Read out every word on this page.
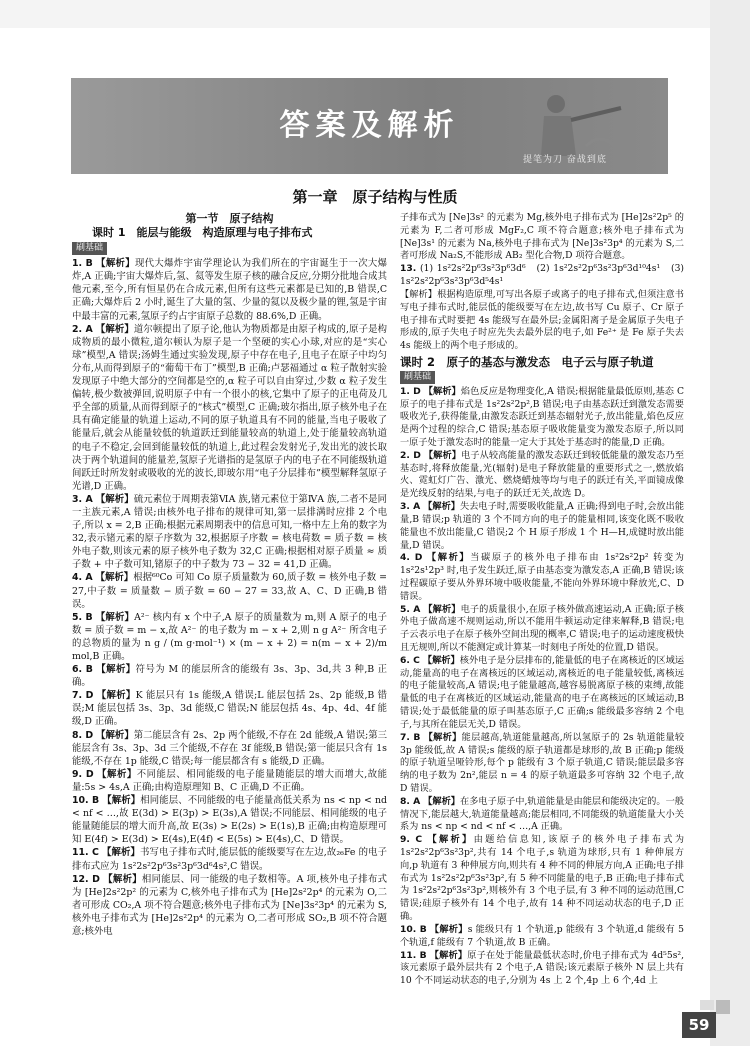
答案及解析
提笔为刀 奋战到底
第一章　原子结构与性质
第一节　原子结构
课时 1　能层与能级　构造原理与电子排布式
刷基础
1. B 【解析】现代大爆炸宇宙学理论认为我们所在的宇宙诞生于一次大爆炸,A 正确;宇宙大爆炸后,氢、氦等发生原子核的融合反应,分期分批地合成其他元素,至今,所有恒星仍在合成元素,但所有这些元素都是已知的,B 错误,C 正确;大爆炸后 2 小时,诞生了大量的氢、少量的氦以及极少量的锂,氢是宇宙中最丰富的元素,氢原子约占宇宙原子总数的 88.6%,D 正确。
2. A 【解析】道尔顿提出了原子论,他认为物质都是由原子构成的,原子是构成物质的最小微粒,道尔顿认为原子是一个坚硬的实心小球,对应的是“实心球”模型,A 错误;汤姆生通过实验发现,原子中存在电子,且电子在原子中均匀分布,从而得到原子的“葡萄干布丁”模型,B 正确;卢瑟福通过 α 粒子散射实验发现原子中绝大部分的空间都是空的,α 粒子可以自由穿过,少数 α 粒子发生偏转,极少数被弹回,说明原子中有一个很小的核,它集中了原子的正电荷及几乎全部的质量,从而得到原子的“核式”模型,C 正确;玻尔指出,原子核外电子在具有确定能量的轨道上运动,不同的原子轨道具有不同的能量,当电子吸收了能量后,就会从能量较低的轨道跃迁到能量较高的轨道上,处于能量较高轨道的电子不稳定,会回到能量较低的轨道上,此过程会发射光子,发出光的波长取决于两个轨道间的能量差,氢原子光谱指的是氢原子内的电子在不同能级轨道间跃迁时所发射或吸收的光的波长,即玻尔用“电子分层排布”模型解释氢原子光谱,D 正确。
3. A 【解析】硫元素位于周期表第ⅥA 族,锗元素位于第ⅣA 族,二者不是同一主族元素,A 错误;由核外电子排布的规律可知,第一层排满时应排 2 个电子,所以 x = 2,B 正确;根据元素周期表中的信息可知,一格中左上角的数字为 32,表示锗元素的原子序数为 32,根据原子序数 = 核电荷数 = 质子数 = 核外电子数,则该元素的原子核外电子数为 32,C 正确;根据相对原子质量 ≈ 质子数 + 中子数可知,锗原子的中子数为 73 − 32 = 41,D 正确。
4. A 【解析】根据⁶⁰Co 可知 Co 原子质量数为 60,质子数 = 核外电子数 = 27,中子数 = 质量数 − 质子数 = 60 − 27 = 33,故 A、C、D 正确,B 错误。
5. B 【解析】A²⁻ 核内有 x 个中子,A 原子的质量数为 m,则 A 原子的电子数 = 质子数 = m − x,故 A²⁻ 的电子数为 m − x + 2,则 n g A²⁻ 所含电子的总物质的量为 n g / (m g·mol⁻¹) × (m − x + 2) = n(m − x + 2)/m mol,B 正确。
6. B 【解析】符号为 M 的能层所含的能级有 3s、3p、3d,共 3 种,B 正确。
7. D 【解析】K 能层只有 1s 能级,A 错误;L 能层包括 2s、2p 能级,B 错误;M 能层包括 3s、3p、3d 能级,C 错误;N 能层包括 4s、4p、4d、4f 能级,D 正确。
8. D 【解析】第二能层含有 2s、2p 两个能级,不存在 2d 能级,A 错误;第三能层含有 3s、3p、3d 三个能级,不存在 3f 能级,B 错误;第一能层只含有 1s 能级,不存在 1p 能级,C 错误;每一能层都含有 s 能级,D 正确。
9. D 【解析】不同能层、相同能级的电子能量随能层的增大而增大,故能量:5s > 4s,A 正确;由构造原理知 B、C 正确,D 不正确。
10. B 【解析】相同能层、不同能级的电子能量高低关系为 ns < np < nd < nf < …,故 E(3d) > E(3p) > E(3s),A 错误;不同能层、相同能级的电子能量随能层的增大而升高,故 E(3s) > E(2s) > E(1s),B 正确;由构造原理可知 E(4f) > E(3d) > E(4s),E(4f) < E(5s) > E(4s),C、D 错误。
11. C 【解析】书写电子排布式时,能层低的能级要写在左边,故₂₆Fe 的电子排布式应为 1s²2s²2p⁶3s²3p⁶3d⁶4s²,C 错误。
12. D 【解析】相同能层、同一能级的电子数相等。A 项,核外电子排布式为 [He]2s²2p² 的元素为 C,核外电子排布式为 [He]2s²2p⁴ 的元素为 O,二者可形成 CO₂,A 项不符合题意;核外电子排布式为 [Ne]3s²3p⁴ 的元素为 S,核外电子排布式为 [He]2s²2p⁴ 的元素为 O,二者可形成 SO₂,B 项不符合题意;核外电
子排布式为 [Ne]3s² 的元素为 Mg,核外电子排布式为 [He]2s²2p⁵ 的元素为 F,二者可形成 MgF₂,C 项不符合题意;核外电子排布式为 [Ne]3s¹ 的元素为 Na,核外电子排布式为 [Ne]3s²3p⁴ 的元素为 S,二者可形成 Na₂S,不能形成 AB₂ 型化合物,D 项符合题意。
13. (1) 1s²2s²2p⁶3s²3p⁶3d⁶　(2) 1s²2s²2p⁶3s²3p⁶3d¹⁰4s¹　(3) 1s²2s²2p⁶3s²3p⁶3d⁵4s¹
【解析】根据构造原理,可写出各原子或离子的电子排布式,但须注意书写电子排布式时,能层低的能级要写在左边,故书写 Cu 原子、Cr 原子电子排布式时要把 4s 能级写在最外层;金属阳离子是金属原子失电子形成的,原子失电子时应先失去最外层的电子,如 Fe²⁺ 是 Fe 原子失去 4s 能级上的两个电子形成的。
课时 2　原子的基态与激发态　电子云与原子轨道
刷基础
1. D 【解析】焰色反应是物理变化,A 错误;根据能量最低原则,基态 C 原子的电子排布式是 1s²2s²2p²,B 错误;电子由基态跃迁到激发态需要吸收光子,获得能量,由激发态跃迁到基态辐射光子,放出能量,焰色反应是两个过程的综合,C 错误;基态原子吸收能量变为激发态原子,所以同一原子处于激发态时的能量一定大于其处于基态时的能量,D 正确。
2. D 【解析】电子从较高能量的激发态跃迁到较低能量的激发态乃至基态时,将释放能量,光(辐射)是电子释放能量的重要形式之一,燃放焰火、霓虹灯广告、激光、燃烧蜡烛等均与电子的跃迁有关,平面镜成像是光线反射的结果,与电子的跃迁无关,故选 D。
3. A 【解析】失去电子时,需要吸收能量,A 正确;得到电子时,会放出能量,B 错误;p 轨道的 3 个不同方向的电子的能量相同,该变化既不吸收能量也不放出能量,C 错误;2 个 H 原子形成 1 个 H—H,成键时放出能量,D 错误。
4. D 【解析】当碳原子的核外电子排布由 1s²2s²2p² 转变为 1s²2s¹2p³ 时,电子发生跃迁,原子由基态变为激发态,A 正确,B 错误;该过程碳原子要从外界环境中吸收能量,不能向外界环境中释放光,C、D 错误。
5. A 【解析】电子的质量很小,在原子核外做高速运动,A 正确;原子核外电子做高速不规则运动,所以不能用牛顿运动定律来解释,B 错误;电子云表示电子在原子核外空间出现的概率,C 错误;电子的运动速度极快且无规则,所以不能测定或计算某一时刻电子所处的位置,D 错误。
6. C 【解析】核外电子是分层排布的,能量低的电子在离核近的区域运动,能量高的电子在离核远的区域运动,离核近的电子能量较低,离核远的电子能量较高,A 错误;电子能量越高,越容易脱离原子核的束缚,故能量低的电子在离核近的区域运动,能量高的电子在离核远的区域运动,B 错误;处于最低能量的原子叫基态原子,C 正确;s 能级最多容纳 2 个电子,与其所在能层无关,D 错误。
7. B 【解析】能层越高,轨道能量越高,所以氢原子的 2s 轨道能量较 3p 能级低,故 A 错误;s 能级的原子轨道都是球形的,故 B 正确;p 能级的原子轨道呈哑铃形,每个 p 能级有 3 个原子轨道,C 错误;能层最多容纳的电子数为 2n²,能层 n = 4 的原子轨道最多可容纳 32 个电子,故 D 错误。
8. A 【解析】在多电子原子中,轨道能量是由能层和能级决定的。一般情况下,能层越大,轨道能量越高;能层相同,不同能级的轨道能量大小关系为 ns < np < nd < nf < …,A 正确。
9. C 【解析】由题给信息知,该原子的核外电子排布式为 1s²2s²2p⁶3s²3p²,共有 14 个电子,s 轨道为球形,只有 1 种伸展方向,p 轨道有 3 种伸展方向,则共有 4 种不同的伸展方向,A 正确;电子排布式为 1s²2s²2p⁶3s²3p²,有 5 种不同能量的电子,B 正确;电子排布式为 1s²2s²2p⁶3s²3p²,则核外有 3 个电子层,有 3 种不同的运动范围,C 错误;硅原子核外有 14 个电子,故有 14 种不同运动状态的电子,D 正确。
10. B 【解析】s 能级只有 1 个轨道,p 能级有 3 个轨道,d 能级有 5 个轨道,f 能级有 7 个轨道,故 B 正确。
11. B 【解析】原子在处于能量最低状态时,价电子排布式为 4d⁵5s²,该元素原子最外层共有 2 个电子,A 错误;该元素原子核外 N 层上共有 10 个不同运动状态的电子,分别为 4s 上 2 个,4p 上 6 个,4d 上
59
